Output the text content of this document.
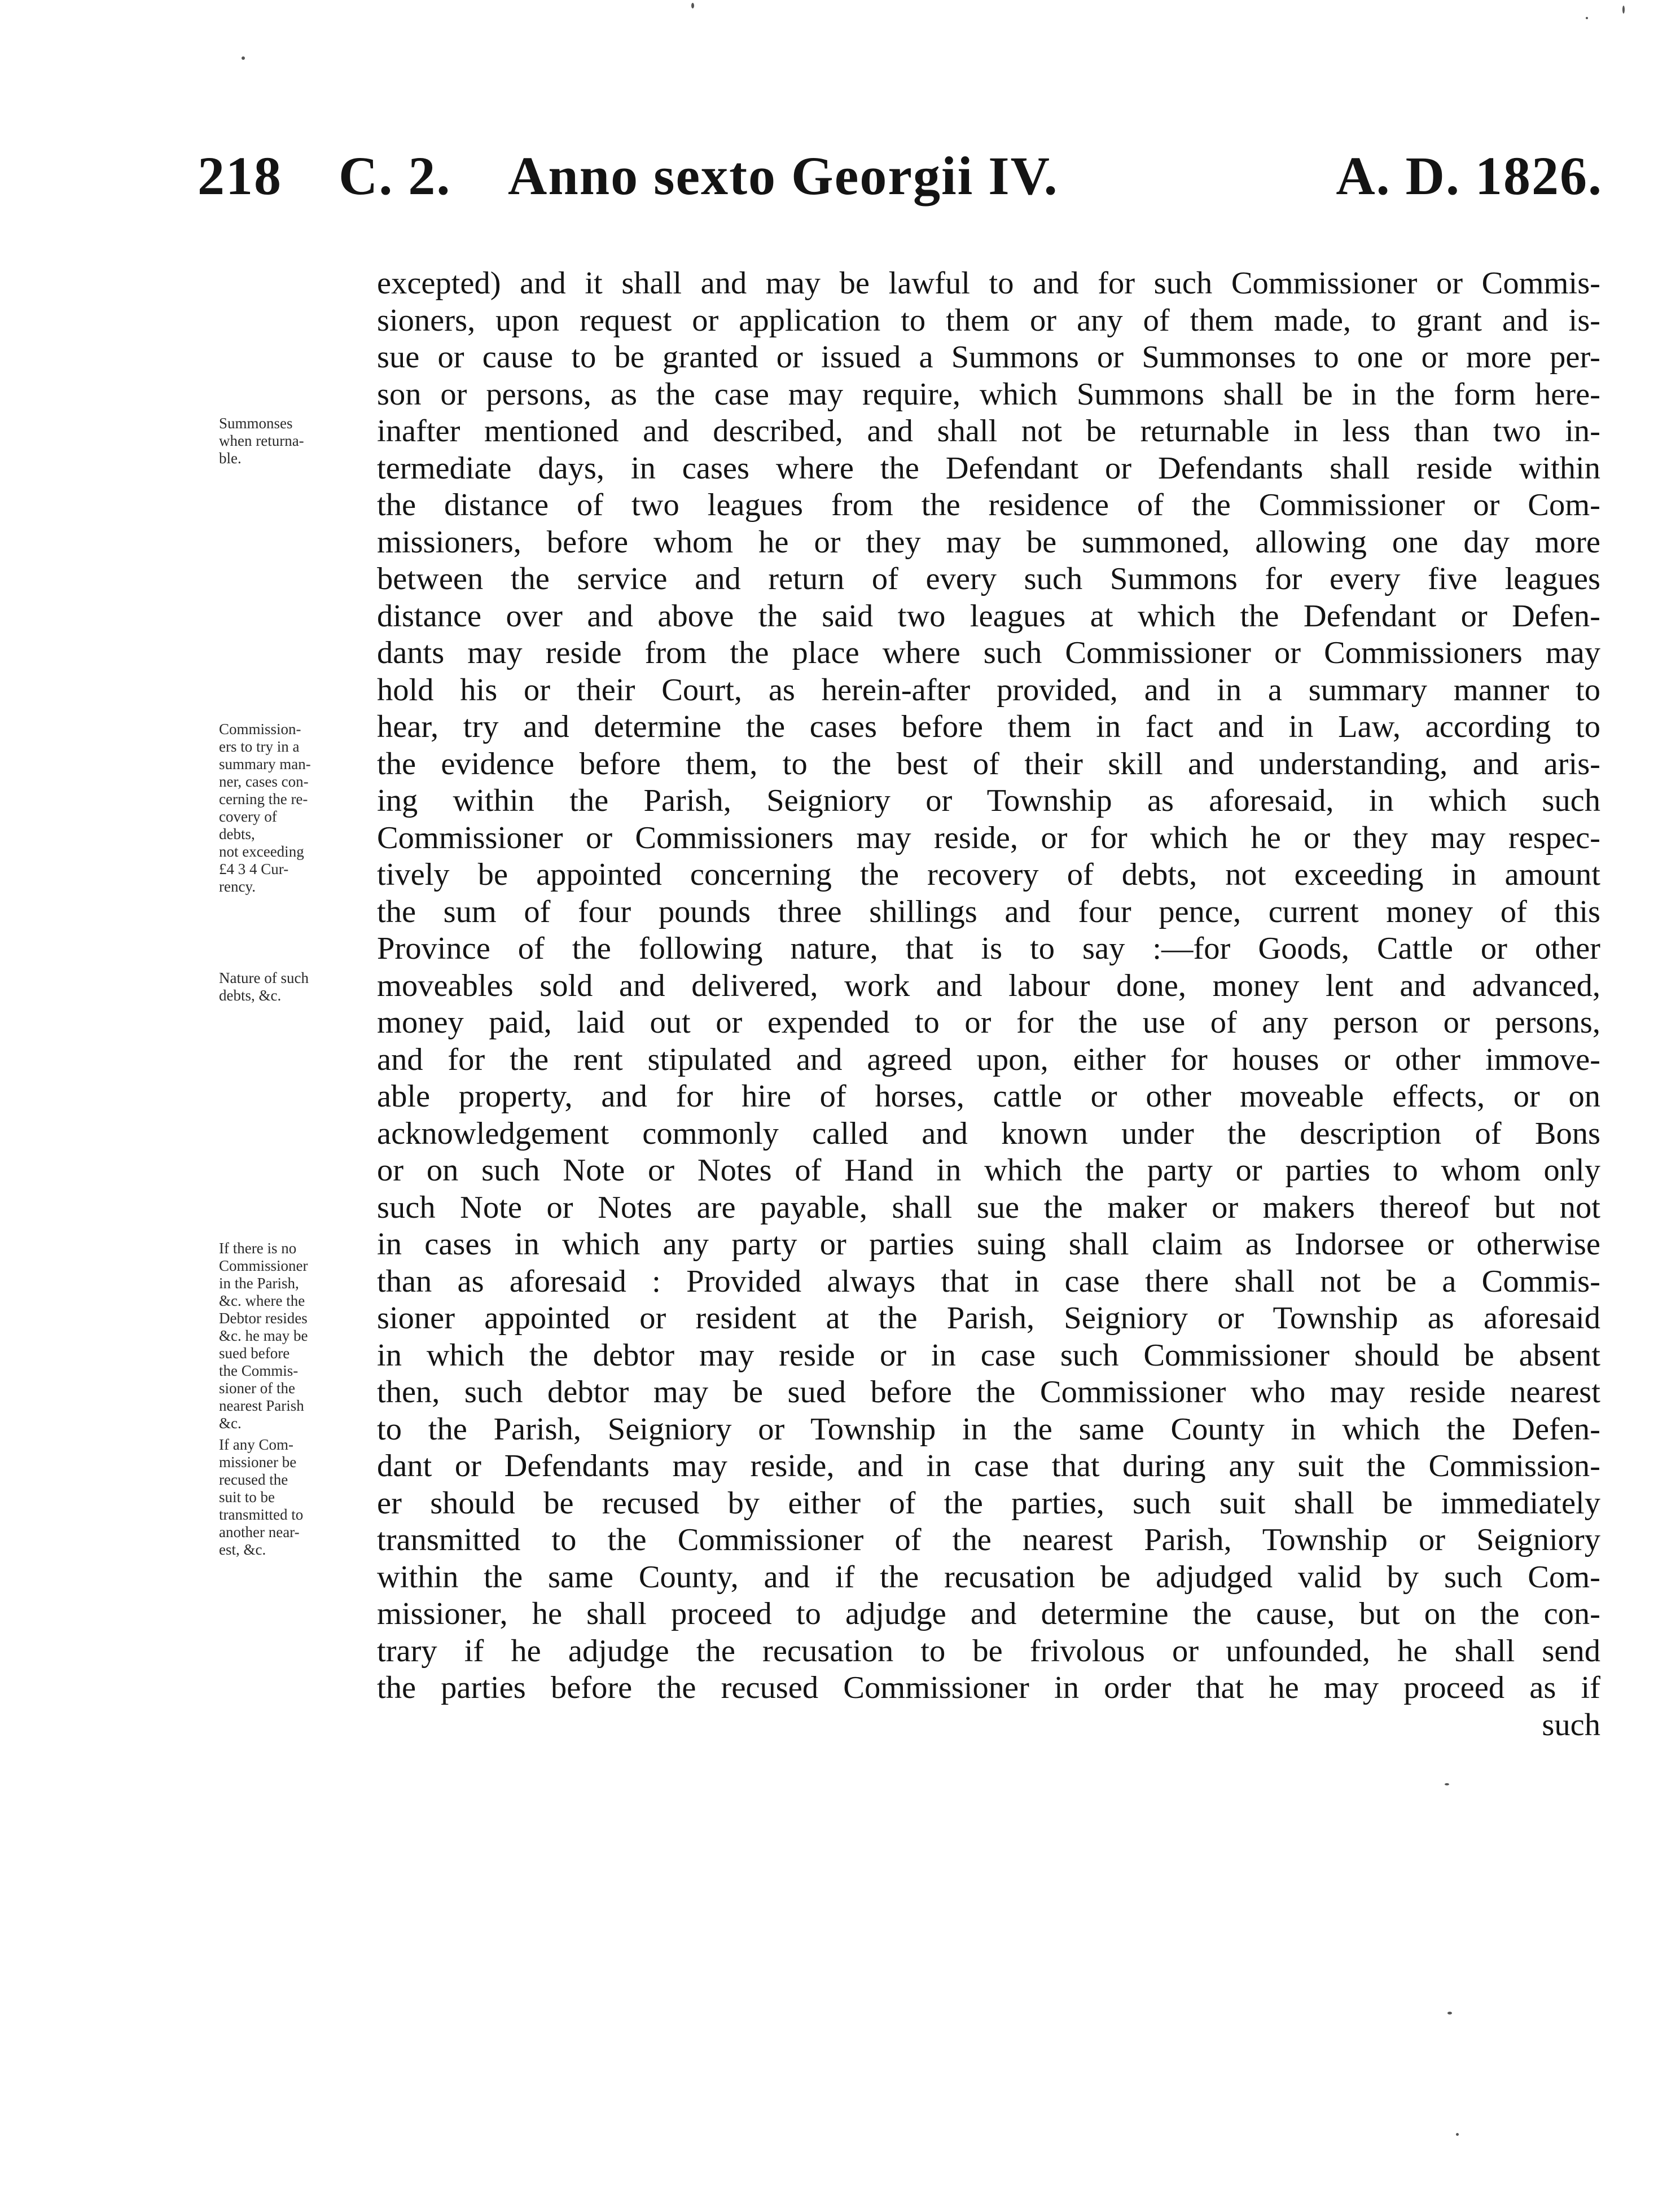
218 C. 2.	Anno sexto Georgii IV.	A. D. 1826.
excepted) and it shall and may be lawful to and for such Commissioner or Commis-
sioners, upon request or application to them or any of them made, to grant and is-
sue or cause to be granted or issued a Summons or Summonses to one or more per-
son or persons, as the case may require, which Summons shall be in the form here-
inafter mentioned and described, and shall not be returnable in less than two in-
termediate days, in cases where the Defendant or Defendants shall reside within
the distance of two leagues from the residence of the Commissioner or Com-
missioners, before whom he or they may be summoned, allowing one day more
between the service and return of every such Summons for every five leagues
distance over and above the said two leagues at which the Defendant or Defen-
dants may reside from the place where such Commissioner or Commissioners may
hold his or their Court, as herein-after provided, and in a summary manner to
hear, try and determine the cases before them in fact and in Law, according to
the evidence before them, to the best of their skill and understanding, and aris-
ing within the Parish, Seigniory or Township as aforesaid, in which such
Commissioner or Commissioners may reside, or for which he or they may respec-
tively be appointed concerning the recovery of debts, not exceeding in amount
the sum of four pounds three shillings and four pence, current money of this
Province of the following nature, that is to say :—for Goods, Cattle or other
moveables sold and delivered, work and labour done, money lent and advanced,
money paid, laid out or expended to or for the use of any person or persons,
and for the rent stipulated and agreed upon, either for houses or other immove-
able property, and for hire of horses, cattle or other moveable effects, or on
acknowledgement commonly called and known under the description of Bons
or on such Note or Notes of Hand in which the party or parties to whom only
such Note or Notes are payable, shall sue the maker or makers thereof but not
in cases in which any party or parties suing shall claim as Indorsee or otherwise
than as aforesaid : Provided always that in case there shall not be a Commis-
sioner appointed or resident at the Parish, Seigniory or Township as aforesaid
in which the debtor may reside or in case such Commissioner should be absent
then, such debtor may be sued before the Commissioner who may reside nearest
to the Parish, Seigniory or Township in the same County in which the Defen-
dant or Defendants may reside, and in case that during any suit the Commission-
er should be recused by either of the parties, such suit shall be immediately
transmitted to the Commissioner of the nearest Parish, Township or Seigniory
within the same County, and if the recusation be adjudged valid by such Com-
missioner, he shall proceed to adjudge and determine the cause, but on the con-
trary if he adjudge the recusation to be frivolous or unfounded, he shall send
the parties before the recused Commissioner in order that he may proceed as if
such
Summonses
when returna-
ble.
Commission-
ers to try in a
summary man-
ner, cases con-
cerning the re-
covery of
debts,
not exceeding
£4 3 4 Cur-
rency.
Nature of such
debts, &c.
If there is no
Commissioner
in the Parish,
&c. where the
Debtor resides
&c. he may be
sued before
the Commis-
sioner of the
nearest Parish
&c.
If any Com-
missioner be
recused the
suit to be
transmitted to
another near-
est, &c.
